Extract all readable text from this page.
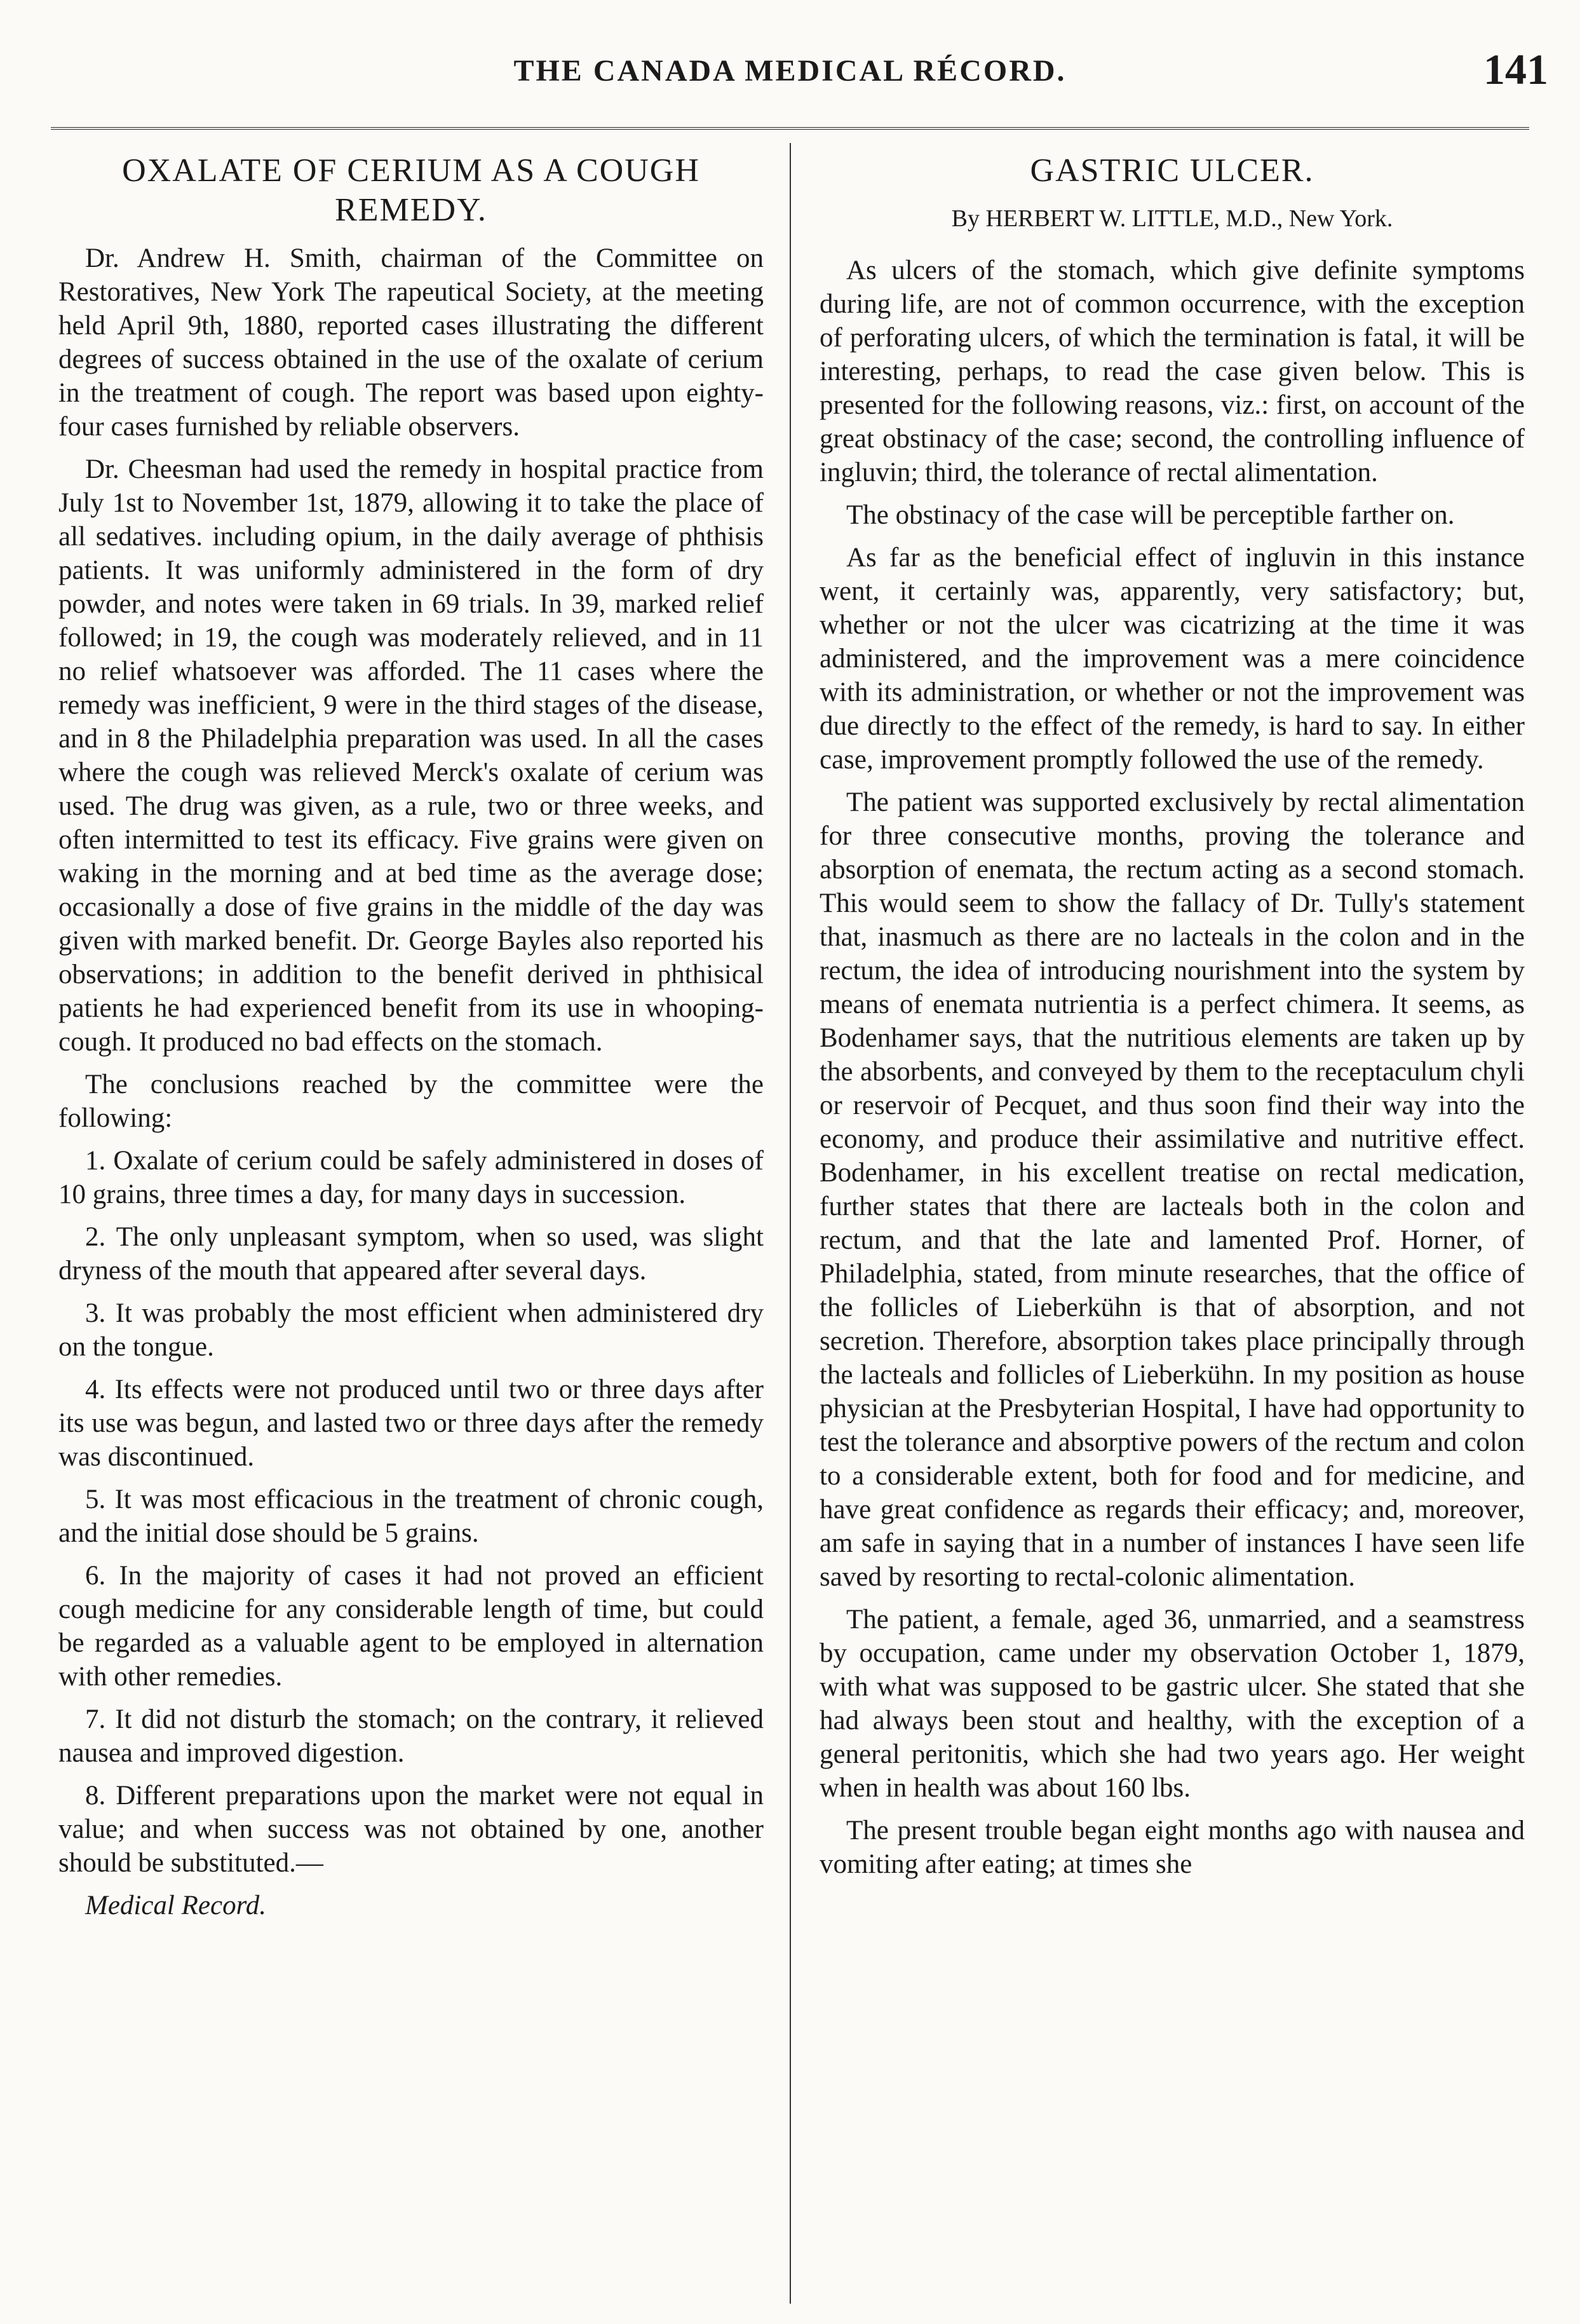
THE CANADA MEDICAL RÉCORD.	141
OXALATE OF CERIUM AS A COUGH REMEDY.

Dr. Andrew H. Smith, chairman of the Committee on Restoratives, New York The rapeutical Society, at the meeting held April 9th, 1880, reported cases illustrating the different degrees of success obtained in the use of the oxalate of cerium in the treatment of cough. The report was based upon eighty-four cases furnished by reliable observers.

Dr. Cheesman had used the remedy in hospital practice from July 1st to November 1st, 1879, allowing it to take the place of all sedatives. including opium, in the daily average of phthisis patients. It was uniformly administered in the form of dry powder, and notes were taken in 69 trials. In 39, marked relief followed; in 19, the cough was moderately relieved, and in 11 no relief whatsoever was afforded. The 11 cases where the remedy was inefficient, 9 were in the third stages of the disease, and in 8 the Philadelphia preparation was used. In all the cases where the cough was relieved Merck's oxalate of cerium was used. The drug was given, as a rule, two or three weeks, and often intermitted to test its efficacy. Five grains were given on waking in the morning and at bed time as the average dose; occasionally a dose of five grains in the middle of the day was given with marked benefit. Dr. George Bayles also reported his observations; in addition to the benefit derived in phthisical patients he had experienced benefit from its use in whooping-cough. It produced no bad effects on the stomach.

The conclusions reached by the committee were the following:

1. Oxalate of cerium could be safely administered in doses of 10 grains, three times a day, for many days in succession.

2. The only unpleasant symptom, when so used, was slight dryness of the mouth that appeared after several days.

3. It was probably the most efficient when administered dry on the tongue.

4. Its effects were not produced until two or three days after its use was begun, and lasted two or three days after the remedy was discontinued.

5. It was most efficacious in the treatment of chronic cough, and the initial dose should be 5 grains.

6. In the majority of cases it had not proved an efficient cough medicine for any considerable length of time, but could be regarded as a valuable agent to be employed in alternation with other remedies.

7. It did not disturb the stomach; on the contrary, it relieved nausea and improved digestion.

8. Different preparations upon the market were not equal in value; and when success was not obtained by one, another should be substituted.—

Medical Record.

GASTRIC ULCER.
By HERBERT W. LITTLE, M.D., New York.

As ulcers of the stomach, which give definite symptoms during life, are not of common occurrence, with the exception of perforating ulcers, of which the termination is fatal, it will be interesting, perhaps, to read the case given below. This is presented for the following reasons, viz.: first, on account of the great obstinacy of the case; second, the controlling influence of ingluvin; third, the tolerance of rectal alimentation.

The obstinacy of the case will be perceptible farther on.

As far as the beneficial effect of ingluvin in this instance went, it certainly was, apparently, very satisfactory; but, whether or not the ulcer was cicatrizing at the time it was administered, and the improvement was a mere coincidence with its administration, or whether or not the improvement was due directly to the effect of the remedy, is hard to say. In either case, improvement promptly followed the use of the remedy.

The patient was supported exclusively by rectal alimentation for three consecutive months, proving the tolerance and absorption of enemata, the rectum acting as a second stomach. This would seem to show the fallacy of Dr. Tully's statement that, inasmuch as there are no lacteals in the colon and in the rectum, the idea of introducing nourishment into the system by means of enemata nutrientia is a perfect chimera. It seems, as Bodenhamer says, that the nutritious elements are taken up by the absorbents, and conveyed by them to the receptaculum chyli or reservoir of Pecquet, and thus soon find their way into the economy, and produce their assimilative and nutritive effect. Bodenhamer, in his excellent treatise on rectal medication, further states that there are lacteals both in the colon and rectum, and that the late and lamented Prof. Horner, of Philadelphia, stated, from minute researches, that the office of the follicles of Lieberkühn is that of absorption, and not secretion. Therefore, absorption takes place principally through the lacteals and follicles of Lieberkühn. In my position as house physician at the Presbyterian Hospital, I have had opportunity to test the tolerance and absorptive powers of the rectum and colon to a considerable extent, both for food and for medicine, and have great confidence as regards their efficacy; and, moreover, am safe in saying that in a number of instances I have seen life saved by resorting to rectal-colonic alimentation.

The patient, a female, aged 36, unmarried, and a seamstress by occupation, came under my observation October 1, 1879, with what was supposed to be gastric ulcer. She stated that she had always been stout and healthy, with the exception of a general peritonitis, which she had two years ago. Her weight when in health was about 160 lbs.

The present trouble began eight months ago with nausea and vomiting after eating; at times she
